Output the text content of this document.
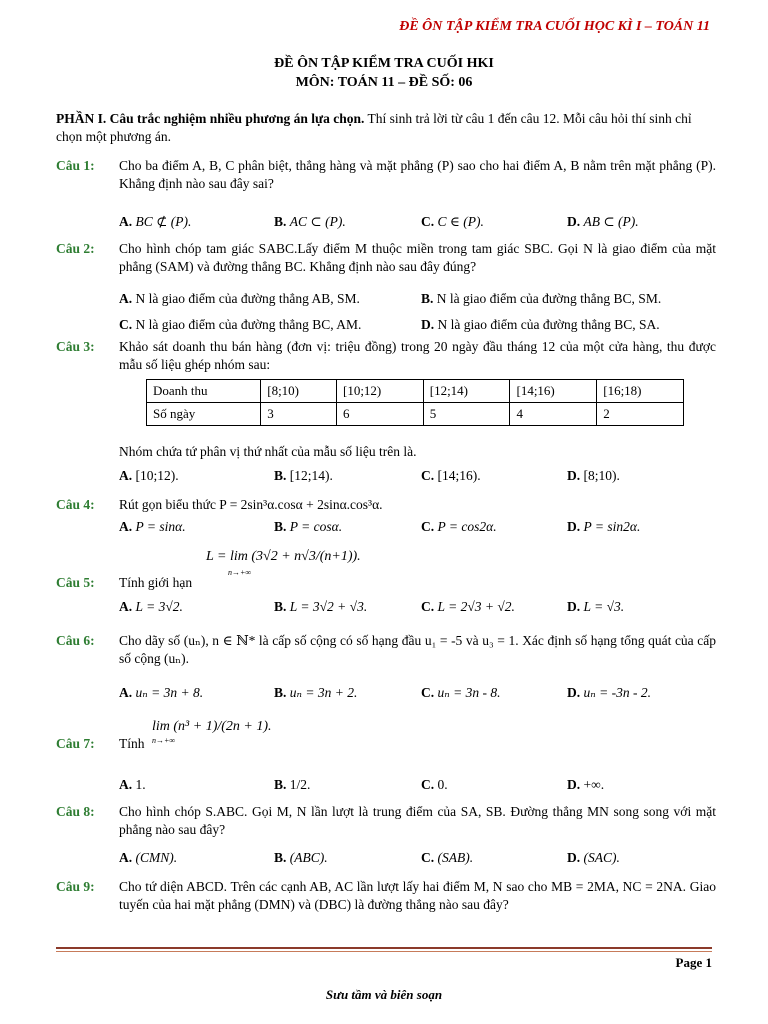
ĐỀ ÔN TẬP KIỂM TRA CUỐI HỌC KÌ I – TOÁN 11
ĐỀ ÔN TẬP KIỂM TRA CUỐI HKI
MÔN: TOÁN 11 – ĐỀ SỐ: 06
PHẦN I. Câu trắc nghiệm nhiều phương án lựa chọn. Thí sinh trả lời từ câu 1 đến câu 12. Mỗi câu hỏi thí sinh chỉ chọn một phương án.
Câu 1: Cho ba điểm A, B, C phân biệt, thẳng hàng và mặt phẳng (P) sao cho hai điểm A, B nằm trên mặt phẳng (P). Khẳng định nào sau đây sai?
A. BC ⊄ (P).	B. AC ⊂ (P).	C. C ∈ (P).	D. AB ⊂ (P).
Câu 2: Cho hình chóp tam giác SABC.Lấy điểm M thuộc miền trong tam giác SBC. Gọi N là giao điểm của mặt phẳng (SAM) và đường thẳng BC. Khẳng định nào sau đây đúng?
A. N là giao điểm của đường thẳng AB, SM.	B. N là giao điểm của đường thẳng BC, SM.
C. N là giao điểm của đường thẳng BC, AM.	D. N là giao điểm của đường thẳng BC, SA.
Câu 3: Khảo sát doanh thu bán hàng (đơn vị: triệu đồng) trong 20 ngày đầu tháng 12 của một cửa hàng, thu được mẫu số liệu ghép nhóm sau:
Doanh thu	[8;10)	[10;12)	[12;14)	[14;16)	[16;18)
Số ngày	3	6	5	4	2
Nhóm chứa tứ phân vị thứ nhất của mẫu số liệu trên là.
A. [10;12).	B. [12;14).	C. [14;16).	D. [8;10).
Câu 4: Rút gọn biểu thức P = 2sin³α.cosα + 2sinα.cos³α.
A. P = sinα.	B. P = cosα.	C. P = cos2α.	D. P = sin2α.
Câu 5: Tính giới hạn
L = lim (3√2 + n√3/(n+1)).
n→+∞
A. L = 3√2.	B. L = 3√2 + √3.	C. L = 2√3 + √2.	D. L = √3.
Câu 6: Cho dãy số (uₙ), n ∈ ℕ* là cấp số cộng có số hạng đầu u₁ = -5 và u₃ = 1. Xác định số hạng tổng quát của cấp số cộng (uₙ).
A. uₙ = 3n + 8.	B. uₙ = 3n + 2.	C. uₙ = 3n - 8.	D. uₙ = -3n - 2.
Câu 7: Tính
lim (n³ + 1)/(2n + 1).
n→+∞
A. 1.	B. 1/2.	C. 0.	D. +∞.
Câu 8: Cho hình chóp S.ABC. Gọi M, N lần lượt là trung điểm của SA, SB. Đường thẳng MN song song với mặt phẳng nào sau đây?
A. (CMN).	B. (ABC).	C. (SAB).	D. (SAC).
Câu 9: Cho tứ diện ABCD. Trên các cạnh AB, AC lần lượt lấy hai điểm M, N sao cho MB = 2MA, NC = 2NA. Giao tuyến của hai mặt phẳng (DMN) và (DBC) là đường thẳng nào sau đây?
Page 1
Sưu tầm và biên soạn
